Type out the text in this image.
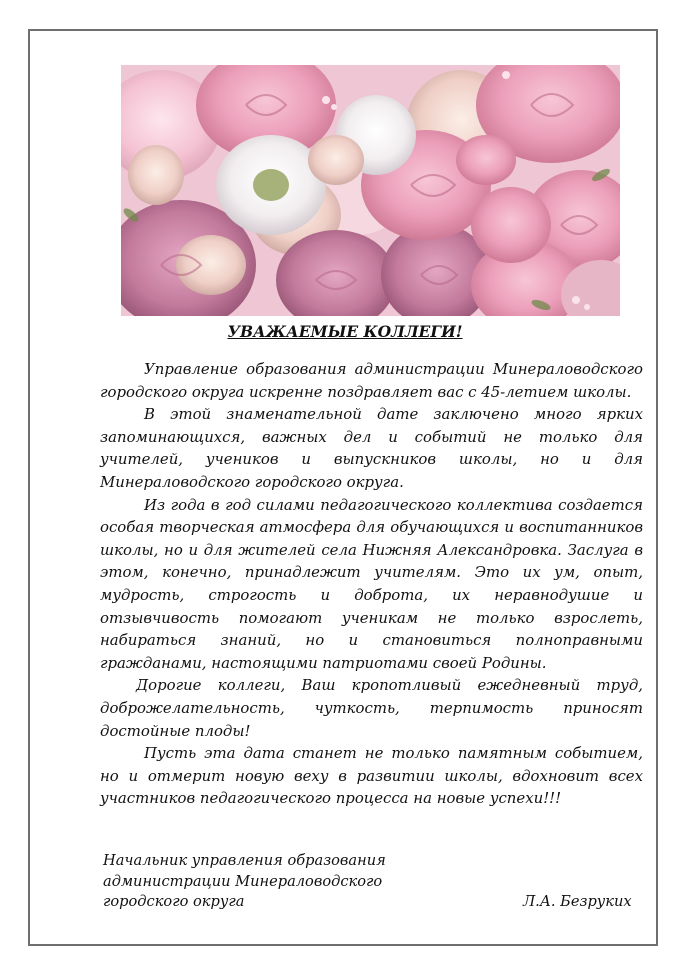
УВАЖАЕМЫЕ КОЛЛЕГИ!

Управление образования администрации Минераловодского городского округа искренне поздравляет вас с 45-летием школы.

В этой знаменательной дате заключено много ярких запоминающихся, важных дел и событий не только для учителей, учеников и выпускников школы, но и для Минераловодского городского округа.

Из года в год силами педагогического коллектива создается особая творческая атмосфера для обучающихся и воспитанников школы, но и для жителей села Нижняя Александровка. Заслуга в этом, конечно, принадлежит учителям. Это их ум, опыт, мудрость, строгость и доброта, их неравнодушие и отзывчивость помогают ученикам не только взрослеть, набираться знаний, но и становиться полноправными гражданами, настоящими патриотами своей Родины.

Дорогие коллеги, Ваш кропотливый ежедневный труд, доброжелательность, чуткость, терпимость приносят достойные плоды!

Пусть эта дата станет не только памятным событием, но и отмерит новую веху в развитии школы, вдохновит всех участников педагогического процесса на новые успехи!!!

Начальник управления образования
администрации Минераловодского
городского округа	Л.А. Безруких
